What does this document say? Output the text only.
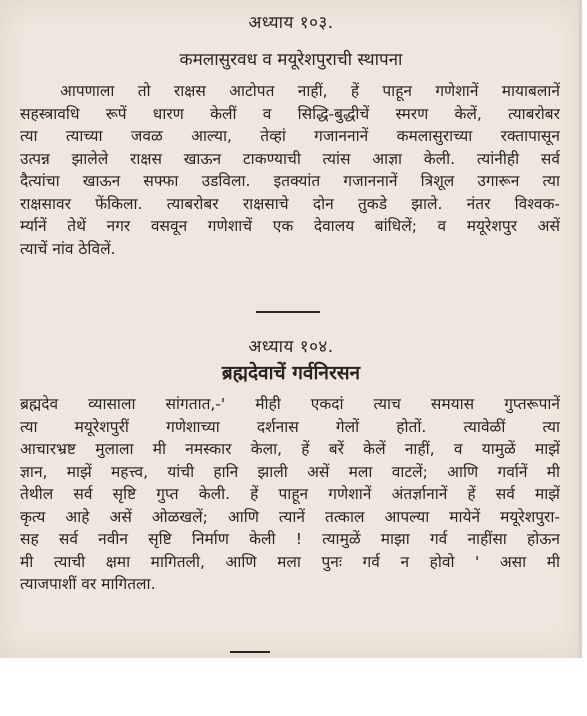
अध्याय १०३.
कमलासुरवध व मयूरेशपुराची स्थापना
आपणाला तो राक्षस आटोपत नाहीं, हें पाहून गणेशानें मायाबलानें
सहस्त्रावधि रूपें धारण केलीं व सिद्धि-बुद्धीचें स्मरण केलें, त्याबरोबर
त्या त्याच्या जवळ आल्या, तेव्हां गजाननानें कमलासुराच्या रक्तापासून
उत्पन्न झालेले राक्षस खाऊन टाकण्याची त्यांस आज्ञा केली. त्यांनीही सर्व
दैत्यांचा खाऊन सफ्फा उडविला. इतक्यांत गजाननानें त्रिशूल उगारून त्या
राक्षसावर फेंकिला. त्याबरोबर राक्षसाचे दोन तुकडे झाले. नंतर विश्वक-
र्म्यानें तेथें नगर वसवून गणेशाचें एक देवालय बांधिलें; व मयूरेशपुर असें
त्याचें नांव ठेविलें.
अध्याय १०४.
ब्रह्मदेवाचें गर्वनिरसन
ब्रह्मदेव व्यासाला सांगतात,-' मीही एकदां त्याच समयास गुप्तरूपानें
त्या मयूरेशपुरीं गणेशाच्या दर्शनास गेलों होतों. त्यावेळीं त्या
आचारभ्रष्ट मुलाला मी नमस्कार केला, हें बरें केलें नाहीं, व यामुळें माझें
ज्ञान, माझें महत्त्व, यांची हानि झाली असें मला वाटलें; आणि गर्वानें मी
तेथील सर्व सृष्टि गुप्त केली. हें पाहून गणेशानें अंतर्ज्ञानानें हें सर्व माझें
कृत्य आहे असें ओळखलें; आणि त्यानें तत्काल आपल्या मायेनें मयूरेशपुरा-
सह सर्व नवीन सृष्टि निर्माण केली ! त्यामुळें माझा गर्व नाहींसा होऊन
मी त्याची क्षमा मागितली, आणि मला पुनः गर्व न होवो ' असा मी
त्याजपाशीं वर मागितला.
